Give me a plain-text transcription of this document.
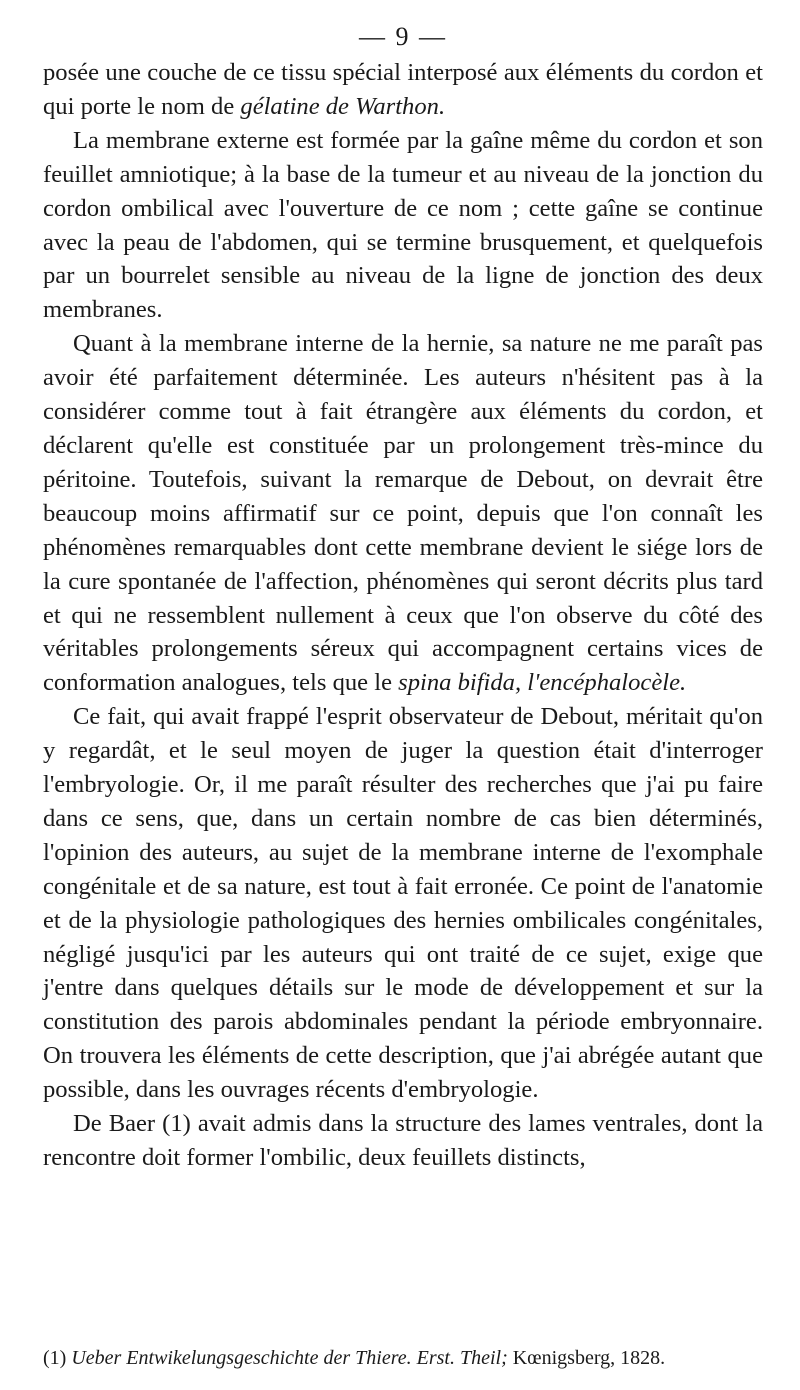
— 9 —

posée une couche de ce tissu spécial interposé aux éléments du cordon et qui porte le nom de gélatine de Warthon.

La membrane externe est formée par la gaîne même du cordon et son feuillet amniotique; à la base de la tumeur et au niveau de la jonction du cordon ombilical avec l'ouverture de ce nom ; cette gaîne se continue avec la peau de l'abdomen, qui se termine brusquement, et quelquefois par un bourrelet sensible au niveau de la ligne de jonction des deux membranes.

Quant à la membrane interne de la hernie, sa nature ne me paraît pas avoir été parfaitement déterminée. Les auteurs n'hésitent pas à la considérer comme tout à fait étrangère aux éléments du cordon, et déclarent qu'elle est constituée par un prolongement très-mince du péritoine. Toutefois, suivant la remarque de Debout, on devrait être beaucoup moins affirmatif sur ce point, depuis que l'on connaît les phénomènes remarquables dont cette membrane devient le siége lors de la cure spontanée de l'affection, phénomènes qui seront décrits plus tard et qui ne ressemblent nullement à ceux que l'on observe du côté des véritables prolongements séreux qui accompagnent certains vices de conformation analogues, tels que le spina bifida, l'encéphalocèle.

Ce fait, qui avait frappé l'esprit observateur de Debout, méritait qu'on y regardât, et le seul moyen de juger la question était d'interroger l'embryologie. Or, il me paraît résulter des recherches que j'ai pu faire dans ce sens, que, dans un certain nombre de cas bien déterminés, l'opinion des auteurs, au sujet de la membrane interne de l'exomphale congénitale et de sa nature, est tout à fait erronée. Ce point de l'anatomie et de la physiologie pathologiques des hernies ombilicales congénitales, négligé jusqu'ici par les auteurs qui ont traité de ce sujet, exige que j'entre dans quelques détails sur le mode de développement et sur la constitution des parois abdominales pendant la période embryonnaire. On trouvera les éléments de cette description, que j'ai abrégée autant que possible, dans les ouvrages récents d'embryologie.

De Baer (1) avait admis dans la structure des lames ventrales, dont la rencontre doit former l'ombilic, deux feuillets distincts,

(1) Ueber Entwikelungsgeschichte der Thiere. Erst. Theil; Kœnigsberg, 1828.
